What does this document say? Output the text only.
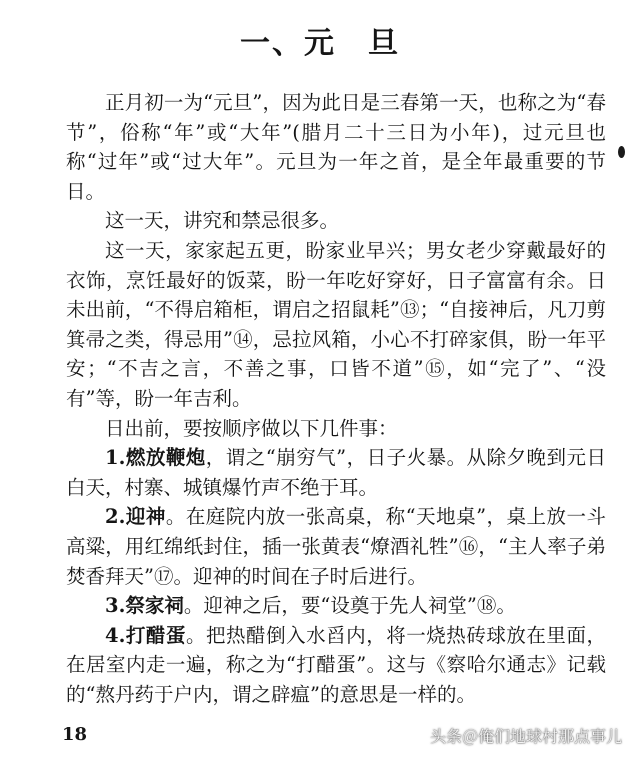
一、元　旦

正月初一为“元旦”，因为此日是三春第一天，也称之为“春节”，俗称“年”或“大年”(腊月二十三日为小年)，过元旦也称“过年”或“过大年”。元旦为一年之首，是全年最重要的节日。

这一天，讲究和禁忌很多。

这一天，家家起五更，盼家业早兴；男女老少穿戴最好的衣饰，烹饪最好的饭菜，盼一年吃好穿好，日子富富有余。日未出前，“不得启箱柜，谓启之招鼠耗”⑬；“自接神后，凡刀剪箕帚之类，得忌用”⑭，忌拉风箱，小心不打碎家俱，盼一年平安；“不吉之言，不善之事，口皆不道”⑮，如“完了”、“没有”等，盼一年吉利。

日出前，要按顺序做以下几件事：

1.燃放鞭炮，谓之“崩穷气”，日子火暴。从除夕晚到元日白天，村寨、城镇爆竹声不绝于耳。

2.迎神。在庭院内放一张高桌，称“天地桌”，桌上放一斗高粱，用红绵纸封住，插一张黄表“燎酒礼牲”⑯，“主人率子弟焚香拜天”⑰。迎神的时间在子时后进行。

3.祭家祠。迎神之后，要“设奠于先人祠堂”⑱。

4.打醋蛋。把热醋倒入水舀内，将一烧热砖球放在里面，在居室内走一遍，称之为“打醋蛋”。这与《察哈尔通志》记载的“熬丹药于户内，谓之辟瘟”的意思是一样的。

18	头条＠俺们地球村那点事儿
